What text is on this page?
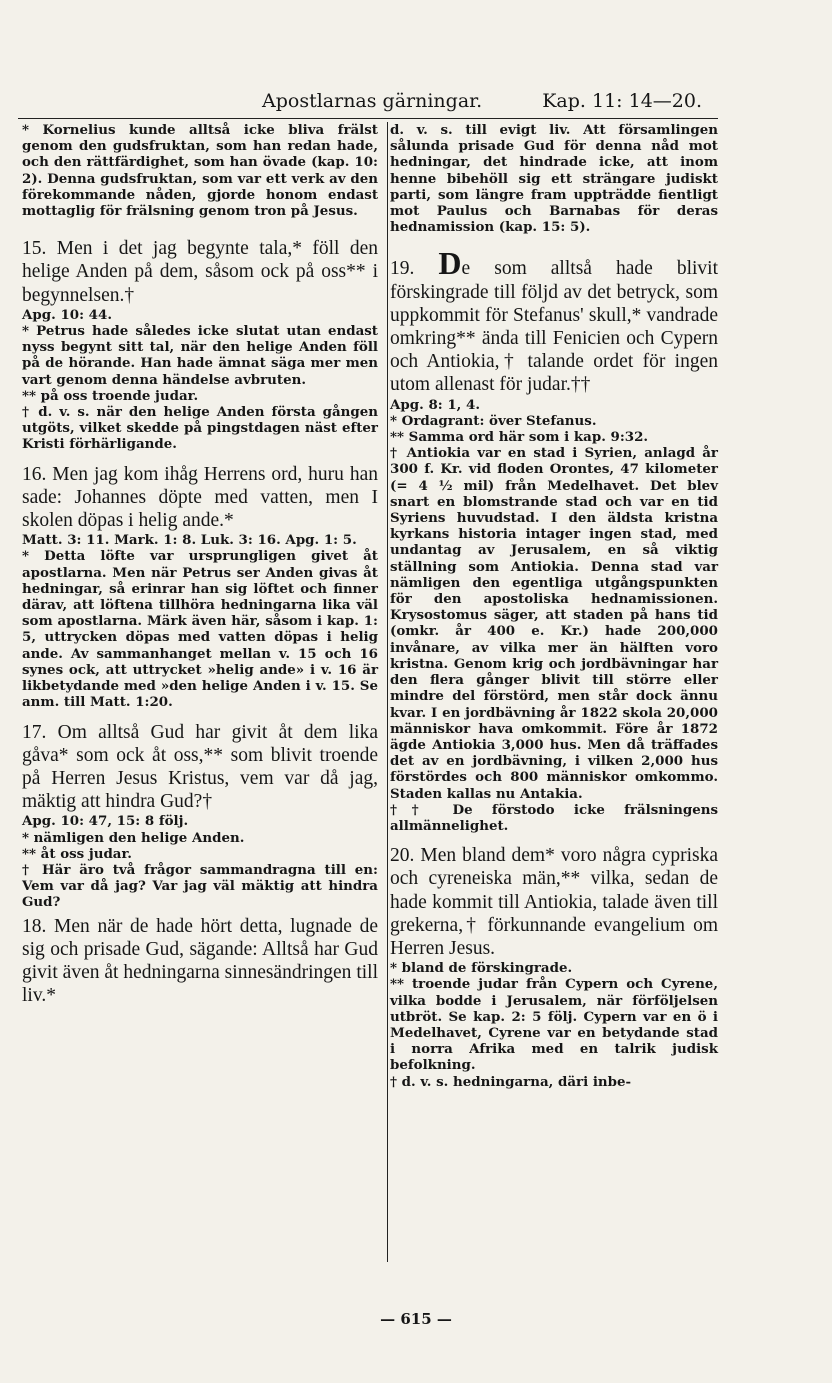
Apostlarnas gärningar.	Kap. 11: 14—20.

* Kornelius kunde alltså icke bliva frälst genom den gudsfruktan, som han redan hade, och den rättfärdighet, som han övade (kap. 10: 2). Denna gudsfruktan, som var ett verk av den förekommande nåden, gjorde honom endast mottaglig för frälsning genom tron på Jesus.

15. Men i det jag begynte tala,* föll den helige Anden på dem, såsom ock på oss** i begynnelsen.†

Apg. 10: 44.

* Petrus hade således icke slutat utan endast nyss begynt sitt tal, när den helige Anden föll på de hörande. Han hade ämnat säga mer men vart genom denna händelse avbruten.

** på oss troende judar.

† d. v. s. när den helige Anden första gången utgöts, vilket skedde på pingstdagen näst efter Kristi förhärligande.

16. Men jag kom ihåg Herrens ord, huru han sade: Johannes döpte med vatten, men I skolen döpas i helig ande.*

Matt. 3: 11. Mark. 1: 8. Luk. 3: 16. Apg. 1: 5.

* Detta löfte var ursprungligen givet åt apostlarna. Men när Petrus ser Anden givas åt hedningar, så erinrar han sig löftet och finner därav, att löftena tillhöra hedningarna lika väl som apostlarna. Märk även här, såsom i kap. 1: 5, uttrycken döpas med vatten döpas i helig ande. Av sammanhanget mellan v. 15 och 16 synes ock, att uttrycket »helig ande» i v. 16 är likbetydande med »den helige Anden i v. 15. Se anm. till Matt. 1:20.

17. Om alltså Gud har givit åt dem lika gåva* som ock åt oss,** som blivit troende på Herren Jesus Kristus, vem var då jag, mäktig att hindra Gud?†

Apg. 10: 47, 15: 8 följ.

* nämligen den helige Anden.

** åt oss judar.

† Här äro två frågor sammandragna till en: Vem var då jag? Var jag väl mäktig att hindra Gud?

18. Men när de hade hört detta, lugnade de sig och prisade Gud, sägande: Alltså har Gud givit även åt hedningarna sinnesändringen till liv.*

d. v. s. till evigt liv. Att församlingen sålunda prisade Gud för denna nåd mot hedningar, det hindrade icke, att inom henne bibehöll sig ett strängare judiskt parti, som längre fram uppträdde fientligt mot Paulus och Barnabas för deras hednamission (kap. 15: 5).

19. De som alltså hade blivit förskingrade till följd av det betryck, som uppkommit för Stefanus' skull,* vandrade omkring** ända till Fenicien och Cypern och Antiokia,† talande ordet för ingen utom allenast för judar.††

Apg. 8: 1, 4.

* Ordagrant: över Stefanus.

** Samma ord här som i kap. 9:32.

† Antiokia var en stad i Syrien, anlagd år 300 f. Kr. vid floden Orontes, 47 kilometer (= 4 ½ mil) från Medelhavet. Det blev snart en blomstrande stad och var en tid Syriens huvudstad. I den äldsta kristna kyrkans historia intager ingen stad, med undantag av Jerusalem, en så viktig ställning som Antiokia. Denna stad var nämligen den egentliga utgångspunkten för den apostoliska hednamissionen. Krysostomus säger, att staden på hans tid (omkr. år 400 e. Kr.) hade 200,000 invånare, av vilka mer än hälften voro kristna. Genom krig och jordbävningar har den flera gånger blivit till större eller mindre del förstörd, men står dock ännu kvar. I en jordbävning år 1822 skola 20,000 människor hava omkommit. Före år 1872 ägde Antiokia 3,000 hus. Men då träffades det av en jordbävning, i vilken 2,000 hus förstördes och 800 människor omkommo. Staden kallas nu Antakia.

†† De förstodo icke frälsningens allmännelighet.

20. Men bland dem* voro några cypriska och cyreneiska män,** vilka, sedan de hade kommit till Antiokia, talade även till grekerna,† förkunnande evangelium om Herren Jesus.

* bland de förskingrade.

** troende judar från Cypern och Cyrene, vilka bodde i Jerusalem, när förföljelsen utbröt. Se kap. 2: 5 följ. Cypern var en ö i Medelhavet, Cyrene var en betydande stad i norra Afrika med en talrik judisk befolkning.

† d. v. s. hedningarna, däri inbe-

— 615 —
